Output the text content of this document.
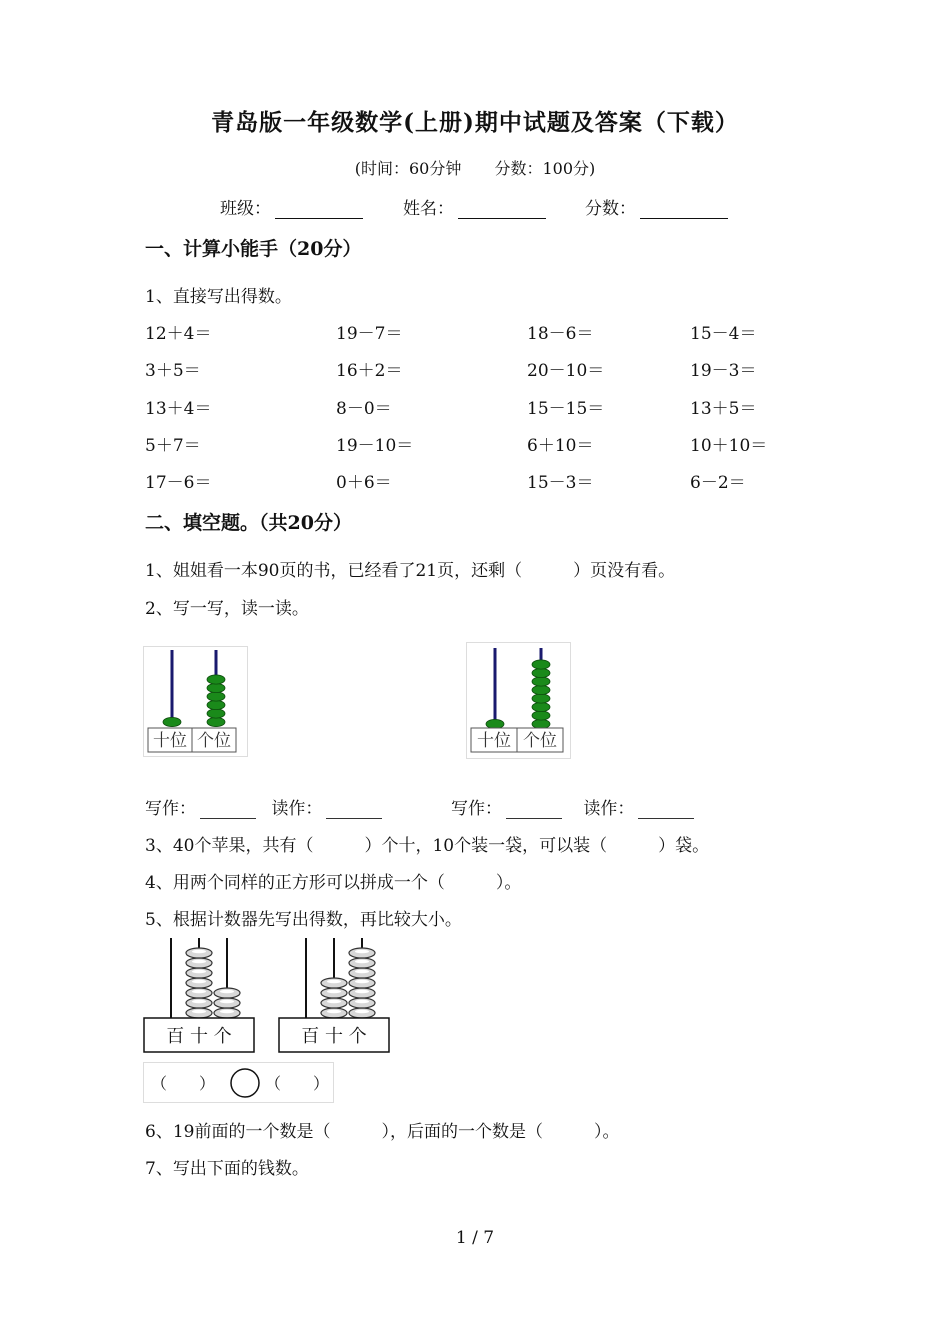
青岛版一年级数学(上册)期中试题及答案（下载）
(时间：60分钟 分数：100分)
班级：	姓名：	分数：
一、计算小能手（20分）
1、直接写出得数。
12＋4＝	19－7＝	18－6＝	15－4＝
3＋5＝	16＋2＝	20－10＝	19－3＝
13＋4＝	8－0＝	15－15＝	13＋5＝
5＋7＝	19－10＝	6＋10＝	10＋10＝
17－6＝	0＋6＝	15－3＝	6－2＝
二、填空题。（共20分）
1、姐姐看一本90页的书，已经看了21页，还剩（　　　）页没有看。
2、写一写，读一读。
十位 个位	十位 个位
写作：	读作：	写作：	读作：
3、40个苹果，共有（　　　）个十，10个装一袋，可以装（　　　）袋。
4、用两个同样的正方形可以拼成一个（　　　）。
5、根据计数器先写出得数，再比较大小。
百 十 个	百 十 个
（　　）	（　　）
6、19前面的一个数是（　　　），后面的一个数是（　　　）。
7、写出下面的钱数。
1 / 7
